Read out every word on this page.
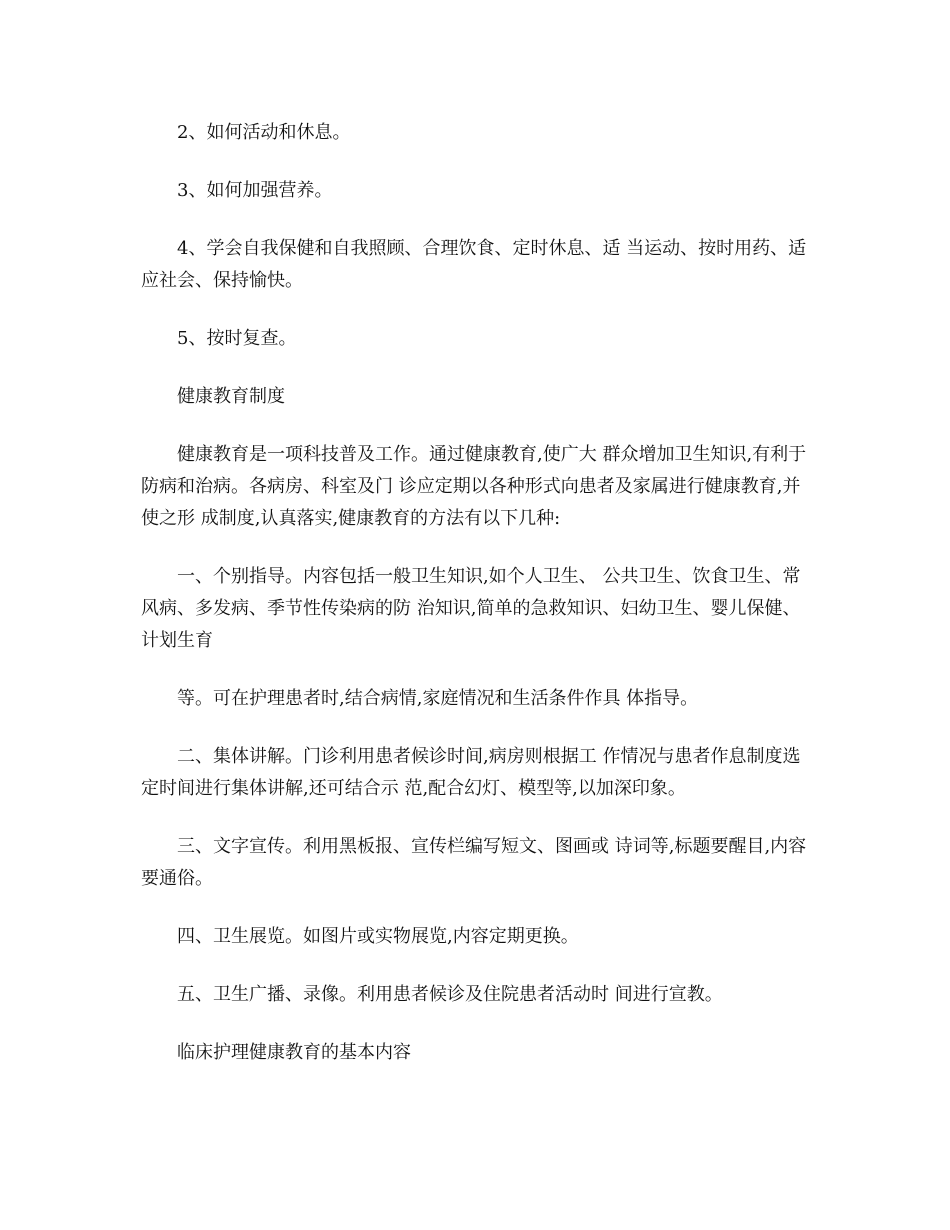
2、如何活动和休息。

3、如何加强营养。

4、学会自我保健和自我照顾、合理饮食、定时休息、适 当运动、按时用药、适应社会、保持愉快。

5、按时复查。

健康教育制度

健康教育是一项科技普及工作。通过健康教育,使广大 群众增加卫生知识,有利于防病和治病。各病房、科室及门 诊应定期以各种形式向患者及家属进行健康教育,并使之形 成制度,认真落实,健康教育的方法有以下几种:

一、个别指导。内容包括一般卫生知识,如个人卫生、 公共卫生、饮食卫生、常风病、多发病、季节性传染病的防 治知识,简单的急救知识、妇幼卫生、婴儿保健、计划生育

等。可在护理患者时,结合病情,家庭情况和生活条件作具 体指导。

二、集体讲解。门诊利用患者候诊时间,病房则根据工 作情况与患者作息制度选定时间进行集体讲解,还可结合示 范,配合幻灯、模型等,以加深印象。

三、文字宣传。利用黑板报、宣传栏编写短文、图画或 诗词等,标题要醒目,内容要通俗。

四、卫生展览。如图片或实物展览,内容定期更换。

五、卫生广播、录像。利用患者候诊及住院患者活动时 间进行宣教。

临床护理健康教育的基本内容
